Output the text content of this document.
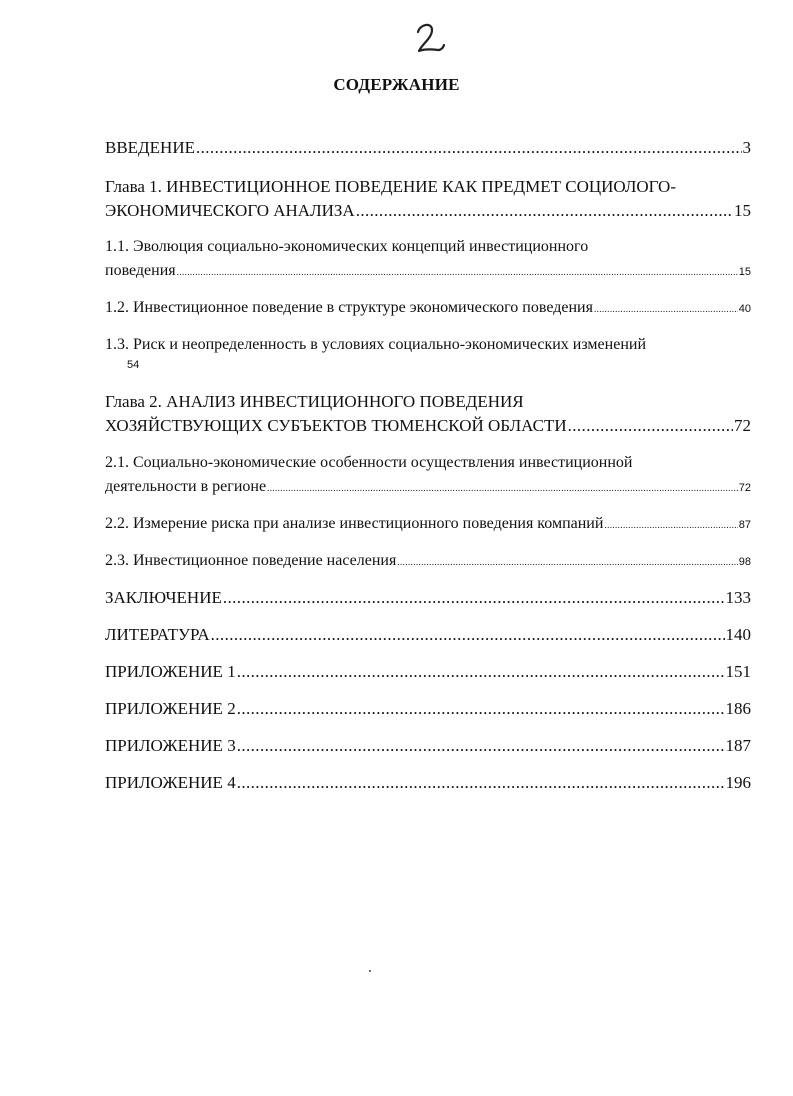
СОДЕРЖАНИЕ
ВВЕДЕНИЕ .....	3
Глава 1. ИНВЕСТИЦИОННОЕ ПОВЕДЕНИЕ КАК ПРЕДМЕТ СОЦИОЛОГО-
ЭКОНОМИЧЕСКОГО АНАЛИЗА .....	15
1.1. Эволюция социально-экономических концепций инвестиционного
поведения .....	15
1.2. Инвестиционное поведение в структуре экономического поведения .....	40
1.3. Риск и неопределенность в условиях социально-экономических изменений
54
Глава 2. АНАЛИЗ ИНВЕСТИЦИОННОГО ПОВЕДЕНИЯ
ХОЗЯЙСТВУЮЩИХ СУБЪЕКТОВ ТЮМЕНСКОЙ ОБЛАСТИ .....	72
2.1. Социально-экономические особенности осуществления инвестиционной
деятельности в регионе .....	72
2.2. Измерение риска при анализе инвестиционного поведения компаний .....	87
2.3. Инвестиционное поведение населения .....	98
ЗАКЛЮЧЕНИЕ .....	133
ЛИТЕРАТУРА .....	140
ПРИЛОЖЕНИЕ 1 .....	151
ПРИЛОЖЕНИЕ 2 .....	186
ПРИЛОЖЕНИЕ 3 .....	187
ПРИЛОЖЕНИЕ 4 .....	196
